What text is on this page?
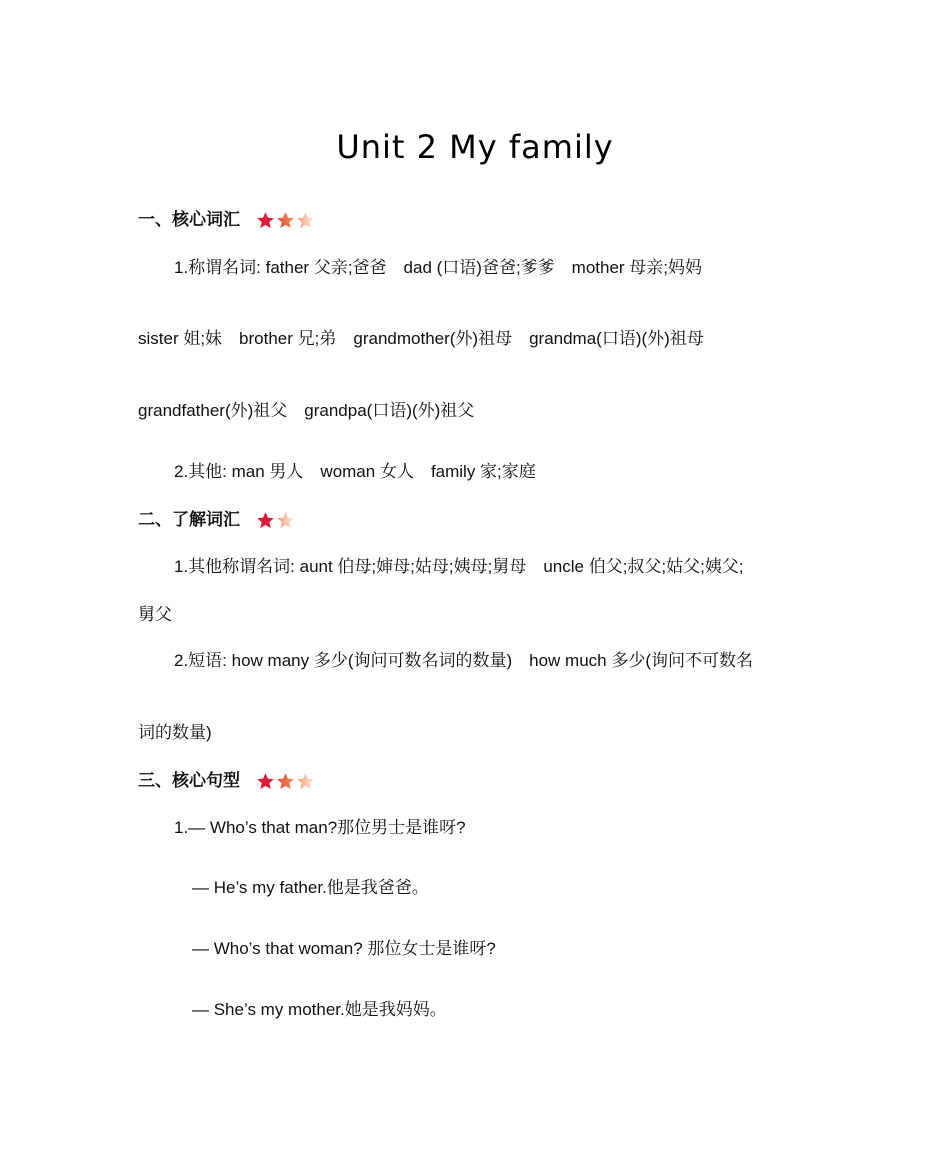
Unit 2 My family
一、核心词汇
1.称谓名词: father 父亲;爸爸　dad (口语)爸爸;爹爹　mother 母亲;妈妈
sister 姐;妹　brother 兄;弟　grandmother(外)祖母　grandma(口语)(外)祖母
grandfather(外)祖父　grandpa(口语)(外)祖父
2.其他: man 男人　woman 女人　family 家;家庭
二、了解词汇
1.其他称谓名词: aunt 伯母;婶母;姑母;姨母;舅母　uncle 伯父;叔父;姑父;姨父;
舅父
2.短语: how many 多少(询问可数名词的数量)　how much 多少(询问不可数名
词的数量)
三、核心句型
1.— Who’s that man?那位男士是谁呀?
— He’s my father.他是我爸爸。
— Who’s that woman? 那位女士是谁呀?
— She’s my mother.她是我妈妈。
